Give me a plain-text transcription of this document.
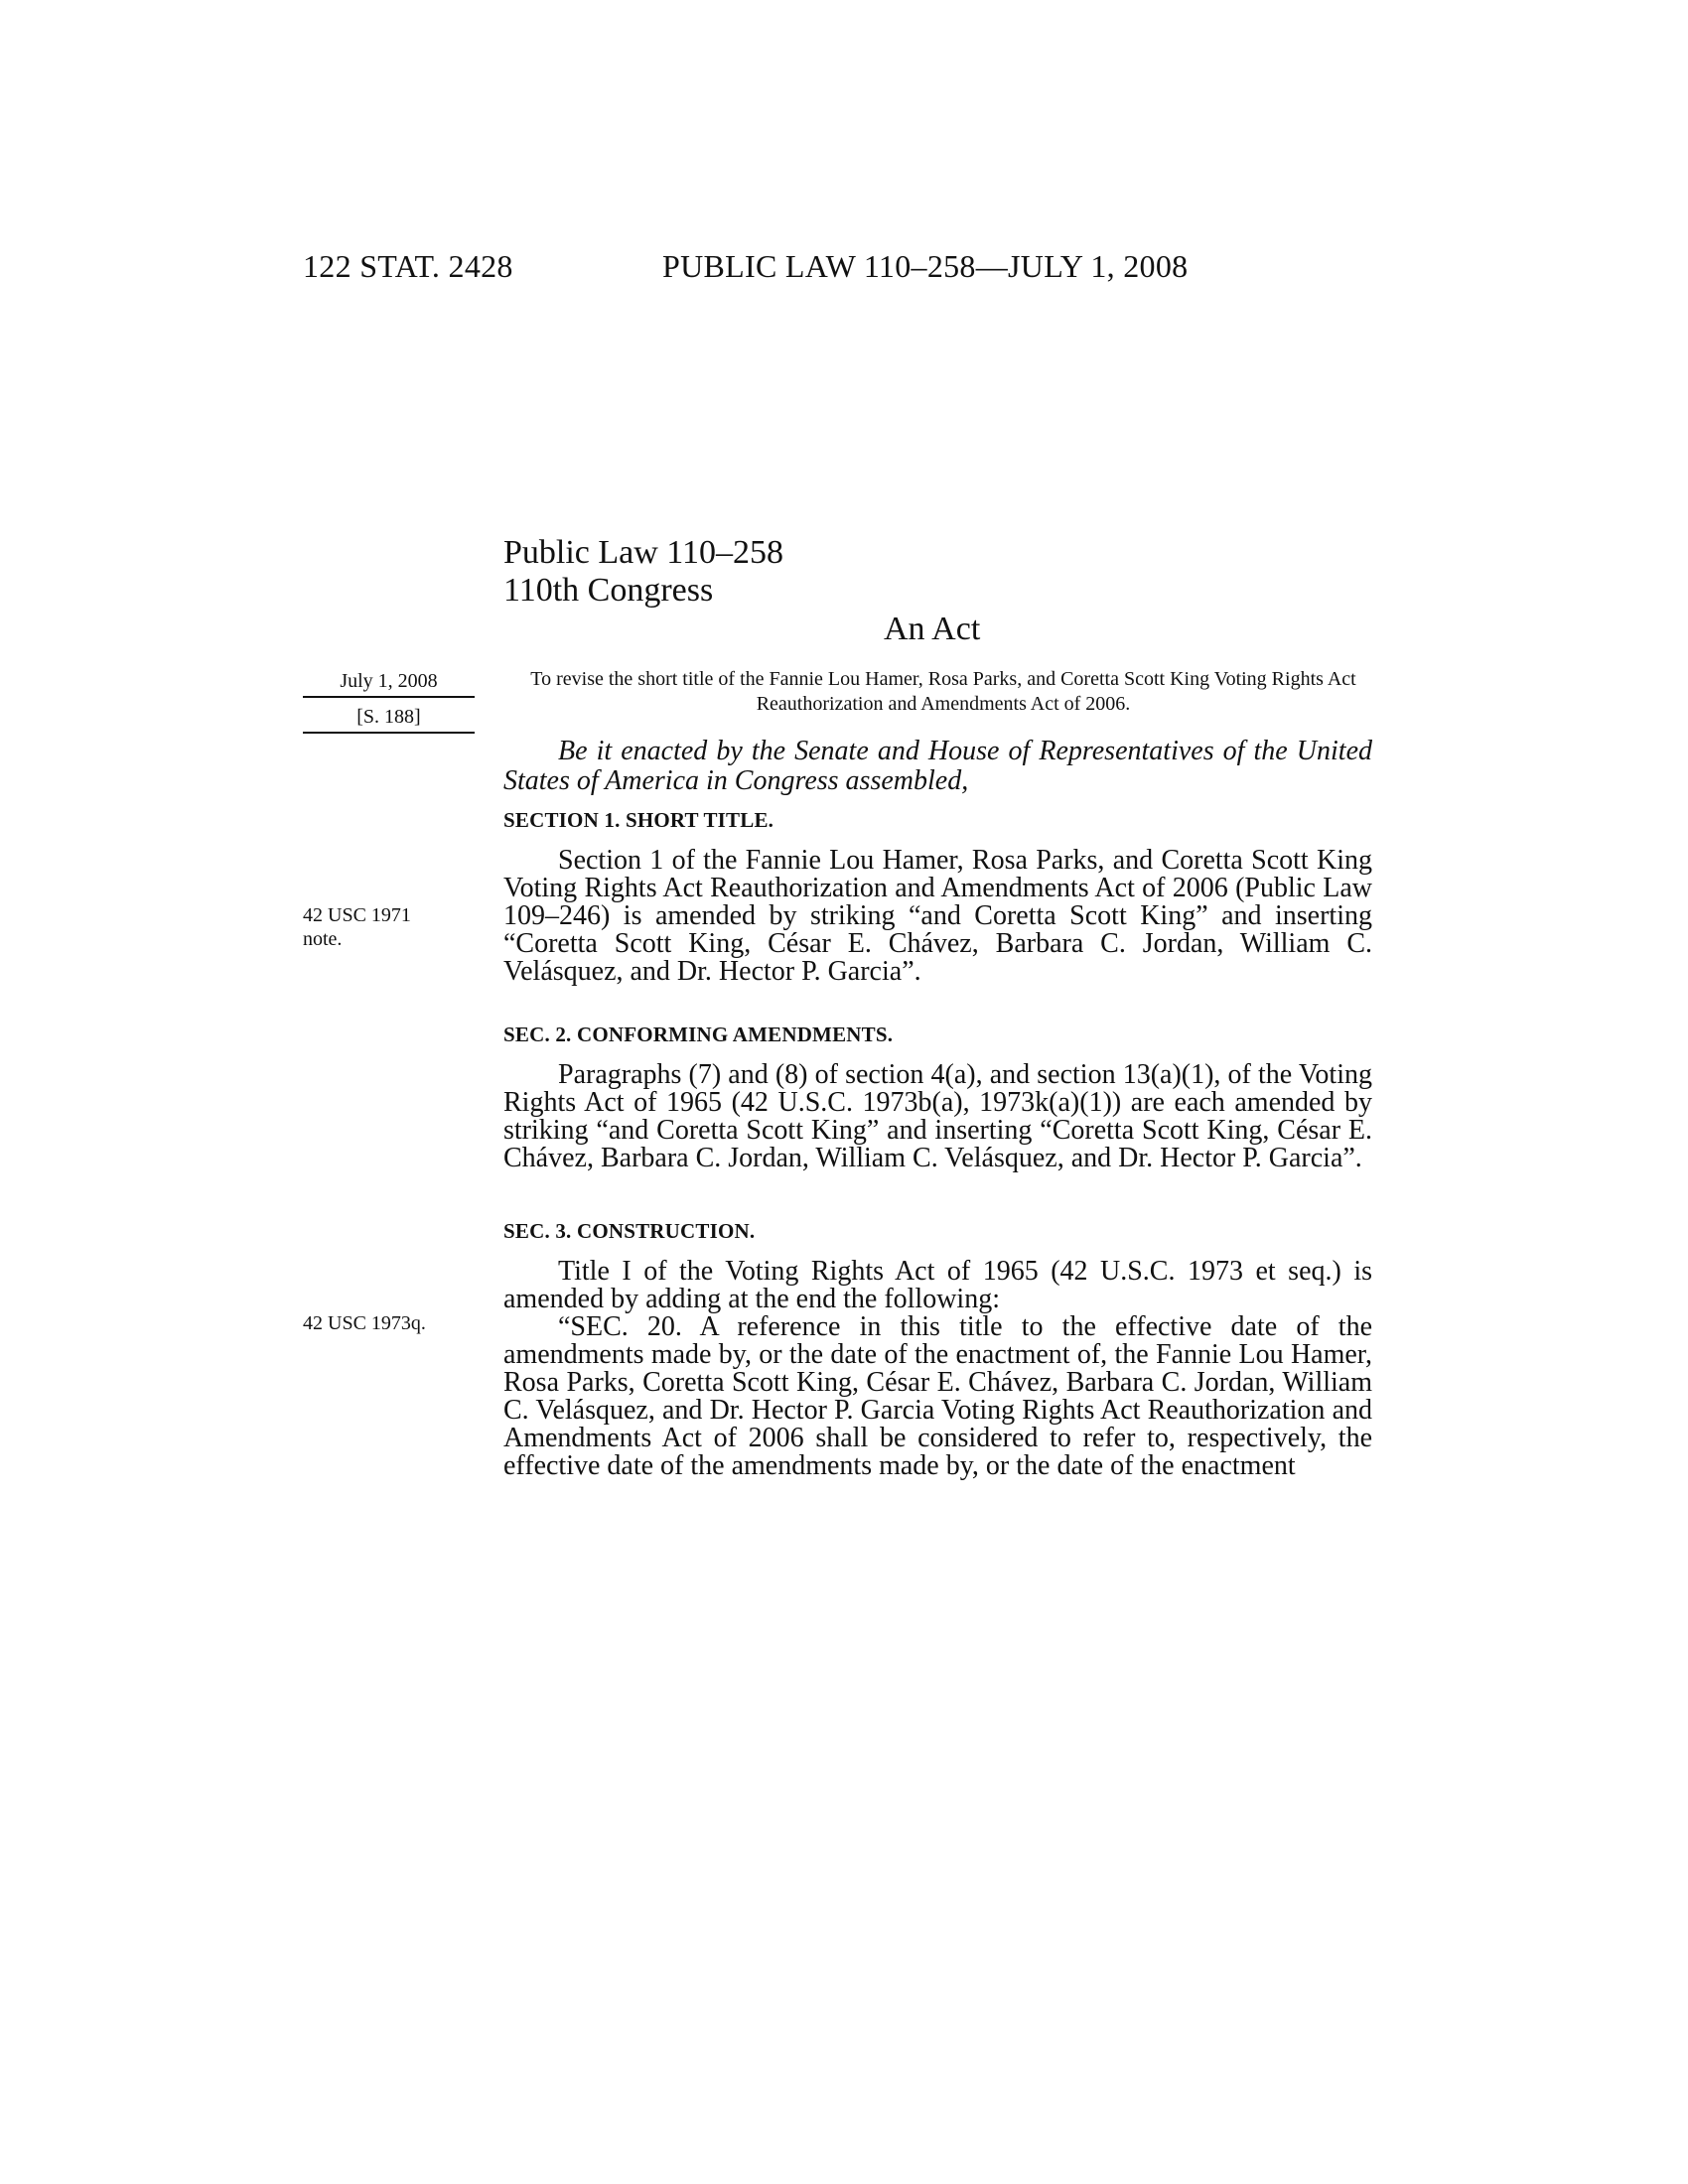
122 STAT. 2428	PUBLIC LAW 110–258—JULY 1, 2008
Public Law 110–258
110th Congress
An Act
July 1, 2008
[S. 188]
To revise the short title of the Fannie Lou Hamer, Rosa Parks, and Coretta Scott King Voting Rights Act Reauthorization and Amendments Act of 2006.
Be it enacted by the Senate and House of Representatives of the United States of America in Congress assembled,

SECTION 1. SHORT TITLE.

Section 1 of the Fannie Lou Hamer, Rosa Parks, and Coretta Scott King Voting Rights Act Reauthorization and Amendments Act of 2006 (Public Law 109–246) is amended by striking “and Coretta Scott King” and inserting “Coretta Scott King, César E. Chávez, Barbara C. Jordan, William C. Velásquez, and Dr. Hector P. Garcia”.

42 USC 1971 note.

SEC. 2. CONFORMING AMENDMENTS.

Paragraphs (7) and (8) of section 4(a), and section 13(a)(1), of the Voting Rights Act of 1965 (42 U.S.C. 1973b(a), 1973k(a)(1)) are each amended by striking “and Coretta Scott King” and inserting “Coretta Scott King, César E. Chávez, Barbara C. Jordan, William C. Velásquez, and Dr. Hector P. Garcia”.

SEC. 3. CONSTRUCTION.

Title I of the Voting Rights Act of 1965 (42 U.S.C. 1973 et seq.) is amended by adding at the end the following:

“SEC. 20. A reference in this title to the effective date of the amendments made by, or the date of the enactment of, the Fannie Lou Hamer, Rosa Parks, Coretta Scott King, César E. Chávez, Barbara C. Jordan, William C. Velásquez, and Dr. Hector P. Garcia Voting Rights Act Reauthorization and Amendments Act of 2006 shall be considered to refer to, respectively, the effective date of the amendments made by, or the date of the enactment

42 USC 1973q.
